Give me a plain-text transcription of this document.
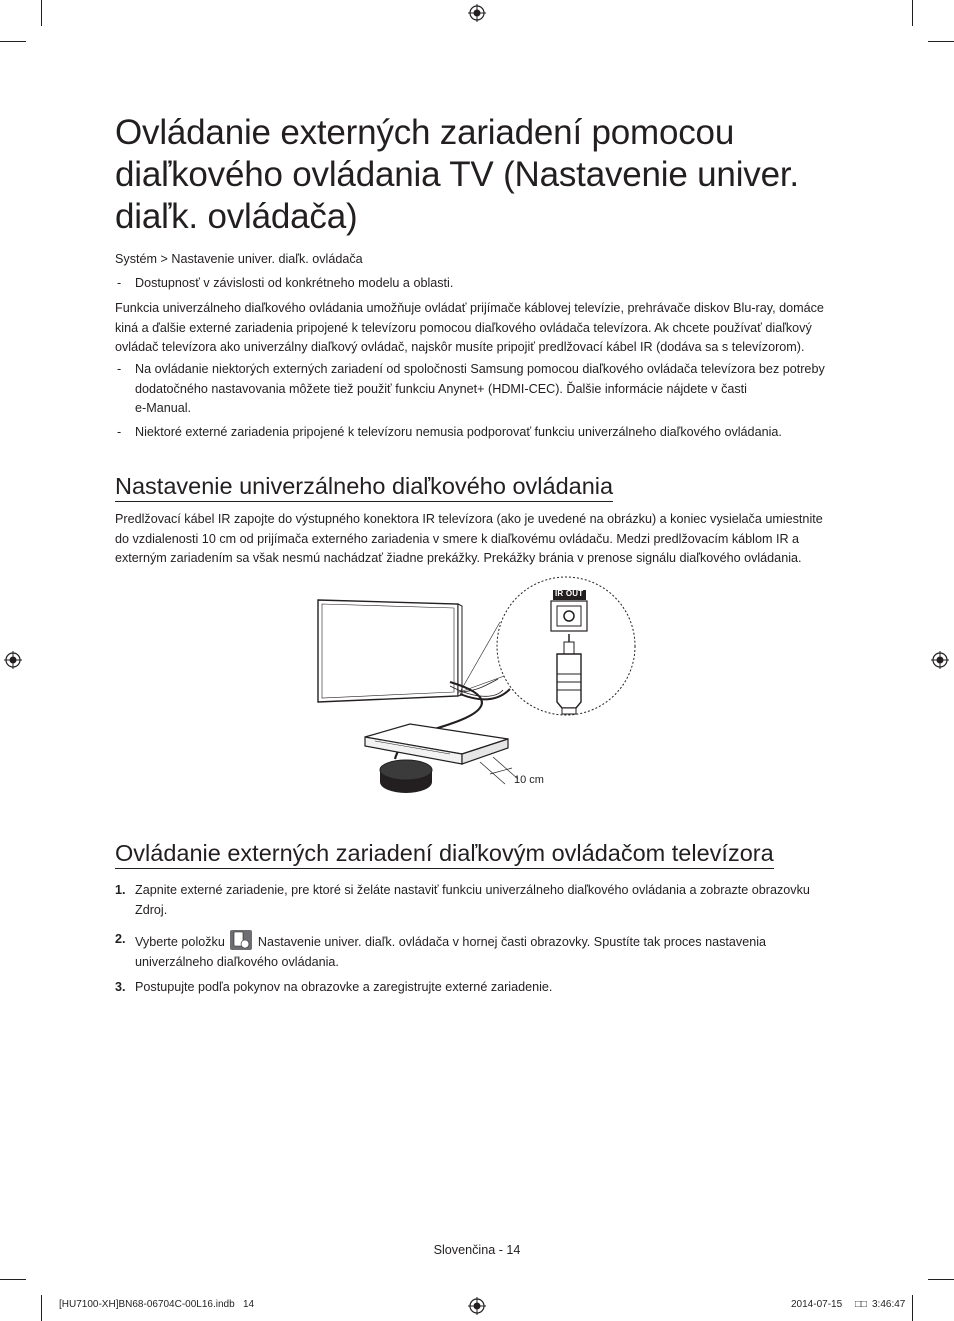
Ovládanie externých zariadení pomocou diaľkového ovládania TV (Nastavenie univer. diaľk. ovládača)
Systém > Nastavenie univer. diaľk. ovládača
- Dostupnosť v závislosti od konkrétneho modelu a oblasti.

Funkcia univerzálneho diaľkového ovládania umožňuje ovládať prijímače káblovej televízie, prehrávače diskov Blu-ray, domáce kiná a ďalšie externé zariadenia pripojené k televízoru pomocou diaľkového ovládača televízora. Ak chcete používať diaľkový ovládač televízora ako univerzálny diaľkový ovládač, najskôr musíte pripojiť predlžovací kábel IR (dodáva sa s televízorom).

- Na ovládanie niektorých externých zariadení od spoločnosti Samsung pomocou diaľkového ovládača televízora bez potreby dodatočného nastavovania môžete tiež použiť funkciu Anynet+ (HDMI-CEC). Ďalšie informácie nájdete v časti
e-Manual.

- Niektoré externé zariadenia pripojené k televízoru nemusia podporovať funkciu univerzálneho diaľkového ovládania.

Nastavenie univerzálneho diaľkového ovládania

Predlžovací kábel IR zapojte do výstupného konektora IR televízora (ako je uvedené na obrázku) a koniec vysielača umiestnite do vzdialenosti 10 cm od prijímača externého zariadenia v smere k diaľkovému ovládaču. Medzi predlžovacím káblom IR a externým zariadením sa však nesmú nachádzať žiadne prekážky. Prekážky bránia v prenose signálu diaľkového ovládania.

IR OUT
10 cm
Ovládanie externých zariadení diaľkovým ovládačom televízora
1. Zapnite externé zariadenie, pre ktoré si želáte nastaviť funkciu univerzálneho diaľkového ovládania a zobrazte obrazovku Zdroj.

2. Vyberte položku	Nastavenie univer. diaľk. ovládača v hornej časti obrazovky. Spustíte tak proces nastavenia univerzálneho diaľkového ovládania.

3. Postupujte podľa pokynov na obrazovke a zaregistrujte externé zariadenie.

Slovenčina - 14
[HU7100-XH]BN68-06704C-00L16.indb   14	2014-07-15 □□ 3:46:47
